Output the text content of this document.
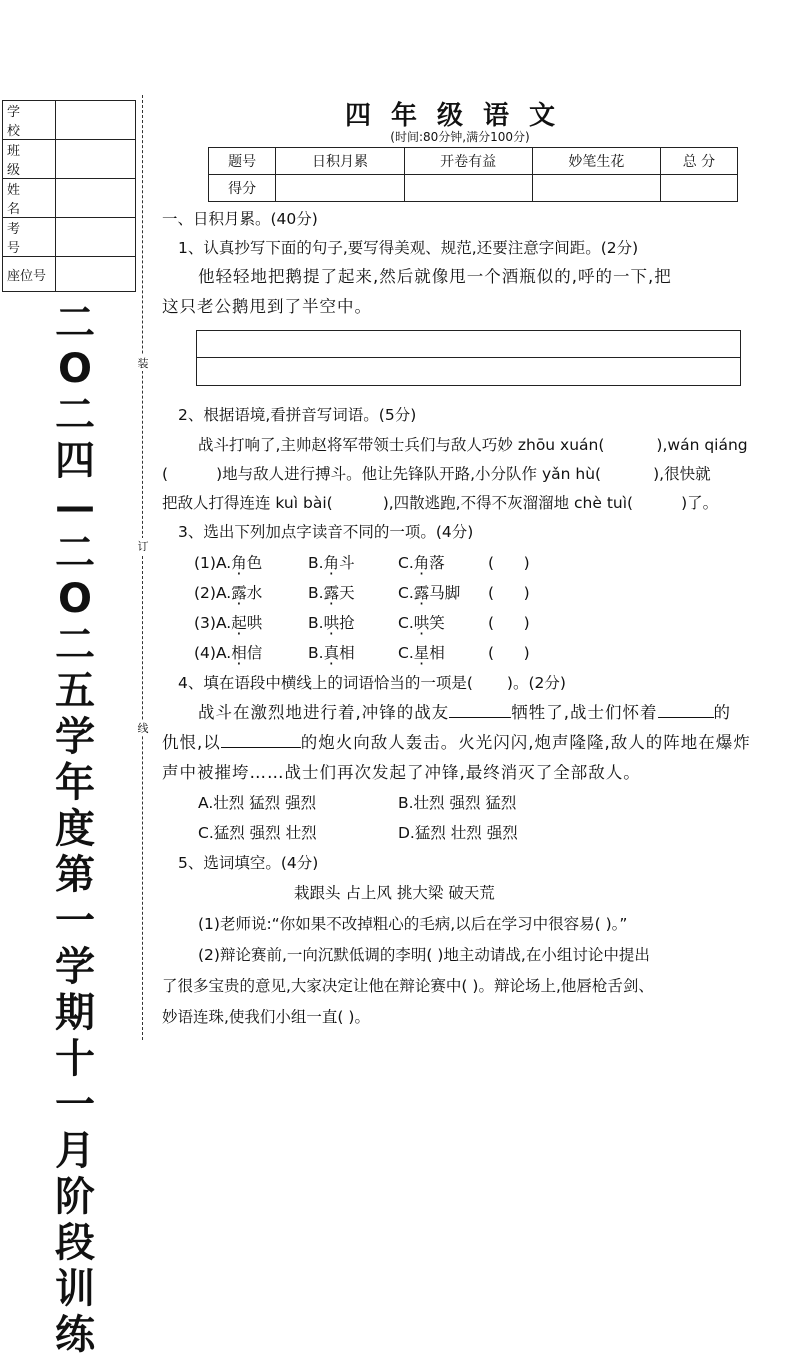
学 校	
班 级	
姓 名	
考 号	
座位号	
二
O
二
四
—
二
O
二
五
学
年
度
第
一
学
期
十
一
月
阶
段
训
练
装
订
线
四年级语文
(时间:80分钟,满分100分)
题号	日积月累	开卷有益	妙笔生花	总 分
得分				
一、日积月累。(40分)
1、认真抄写下面的句子,要写得美观、规范,还要注意字间距。(2分)
他轻轻地把鹅提了起来,然后就像甩一个酒瓶似的,呼的一下,把
这只老公鹅甩到了半空中。
2、根据语境,看拼音写词语。(5分)
战斗打响了,主帅赵将军带领士兵们与敌人巧妙 zhōu xuán(	),wán qiáng
(	)地与敌人进行搏斗。他让先锋队开路,小分队作 yǎn hù(	),很快就
把敌人打得连连 kuì bài(	),四散逃跑,不得不灰溜溜地 chè tuì(	)了。
3、选出下列加点字读音不同的一项。(4分)
(1)A.角色	B.角斗	C.角落	(      )
(2)A.露水	B.露天	C.露马脚 (      )
(3)A.起哄	B.哄抢	C.哄笑	(      )
(4)A.相信	B.真相	C.星相	(      )
4、填在语段中横线上的词语恰当的一项是( )。(2分)
战斗在激烈地进行着,冲锋的战友	牺牲了,战士们怀着	的
仇恨,以	的炮火向敌人轰击。火光闪闪,炮声隆隆,敌人的阵地在爆炸
声中被摧垮……战士们再次发起了冲锋,最终消灭了全部敌人。
A.壮烈 猛烈 强烈	B.壮烈 强烈 猛烈
C.猛烈 强烈 壮烈	D.猛烈 壮烈 强烈
5、选词填空。(4分)
栽跟头 占上风 挑大梁 破天荒
(1)老师说:“你如果不改掉粗心的毛病,以后在学习中很容易( )。”
(2)辩论赛前,一向沉默低调的李明( )地主动请战,在小组讨论中提出
了很多宝贵的意见,大家决定让他在辩论赛中( )。辩论场上,他唇枪舌剑、
妙语连珠,使我们小组一直( )。
